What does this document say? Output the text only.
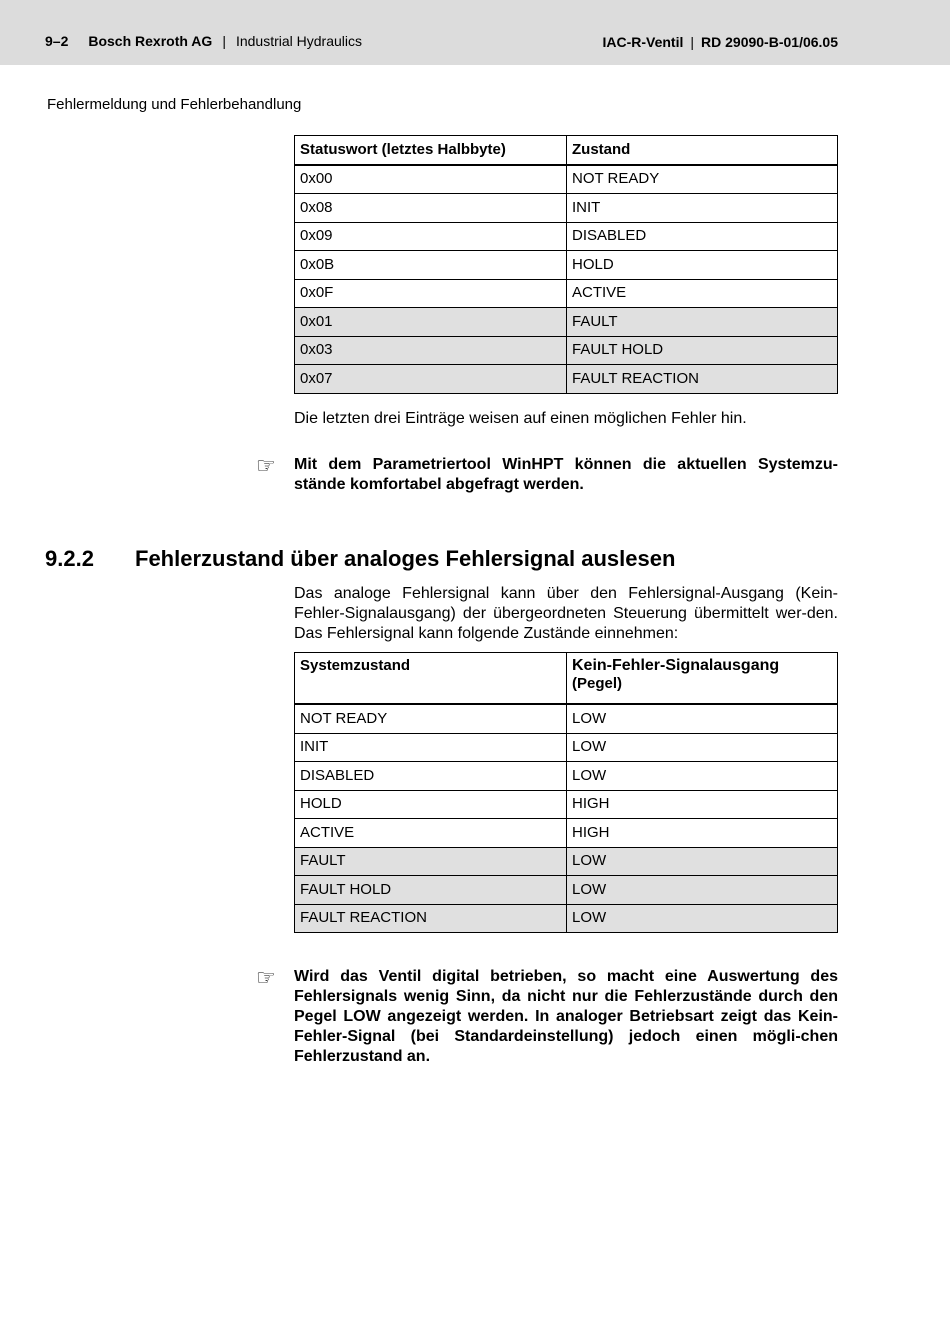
9–2 Bosch Rexroth AG | Industrial Hydraulics	IAC-R-Ventil | RD 29090-B-01/06.05
Fehlermeldung und Fehlerbehandlung
Statuswort (letztes Halbbyte)	Zustand
0x00	NOT READY
0x08	INIT
0x09	DISABLED
0x0B	HOLD
0x0F	ACTIVE
0x01	FAULT
0x03	FAULT HOLD
0x07	FAULT REACTION
Die letzten drei Einträge weisen auf einen möglichen Fehler hin.
☞ Mit dem Parametriertool WinHPT können die aktuellen Systemzu-stände komfortabel abgefragt werden.
9.2.2 Fehlerzustand über analoges Fehlersignal auslesen
Das analoge Fehlersignal kann über den Fehlersignal-Ausgang (Kein-Fehler-Signalausgang) der übergeordneten Steuerung übermittelt wer-den. Das Fehlersignal kann folgende Zustände einnehmen:
Systemzustand	Kein-Fehler-Signalausgang
(Pegel)

NOT READY	LOW
INIT	LOW
DISABLED	LOW
HOLD	HIGH
ACTIVE	HIGH
FAULT	LOW
FAULT HOLD	LOW
FAULT REACTION	LOW
☞ Wird das Ventil digital betrieben, so macht eine Auswertung des Fehlersignals wenig Sinn, da nicht nur die Fehlerzustände durch den Pegel LOW angezeigt werden. In analoger Betriebsart zeigt das Kein-Fehler-Signal (bei Standardeinstellung) jedoch einen mögli-chen Fehlerzustand an.
